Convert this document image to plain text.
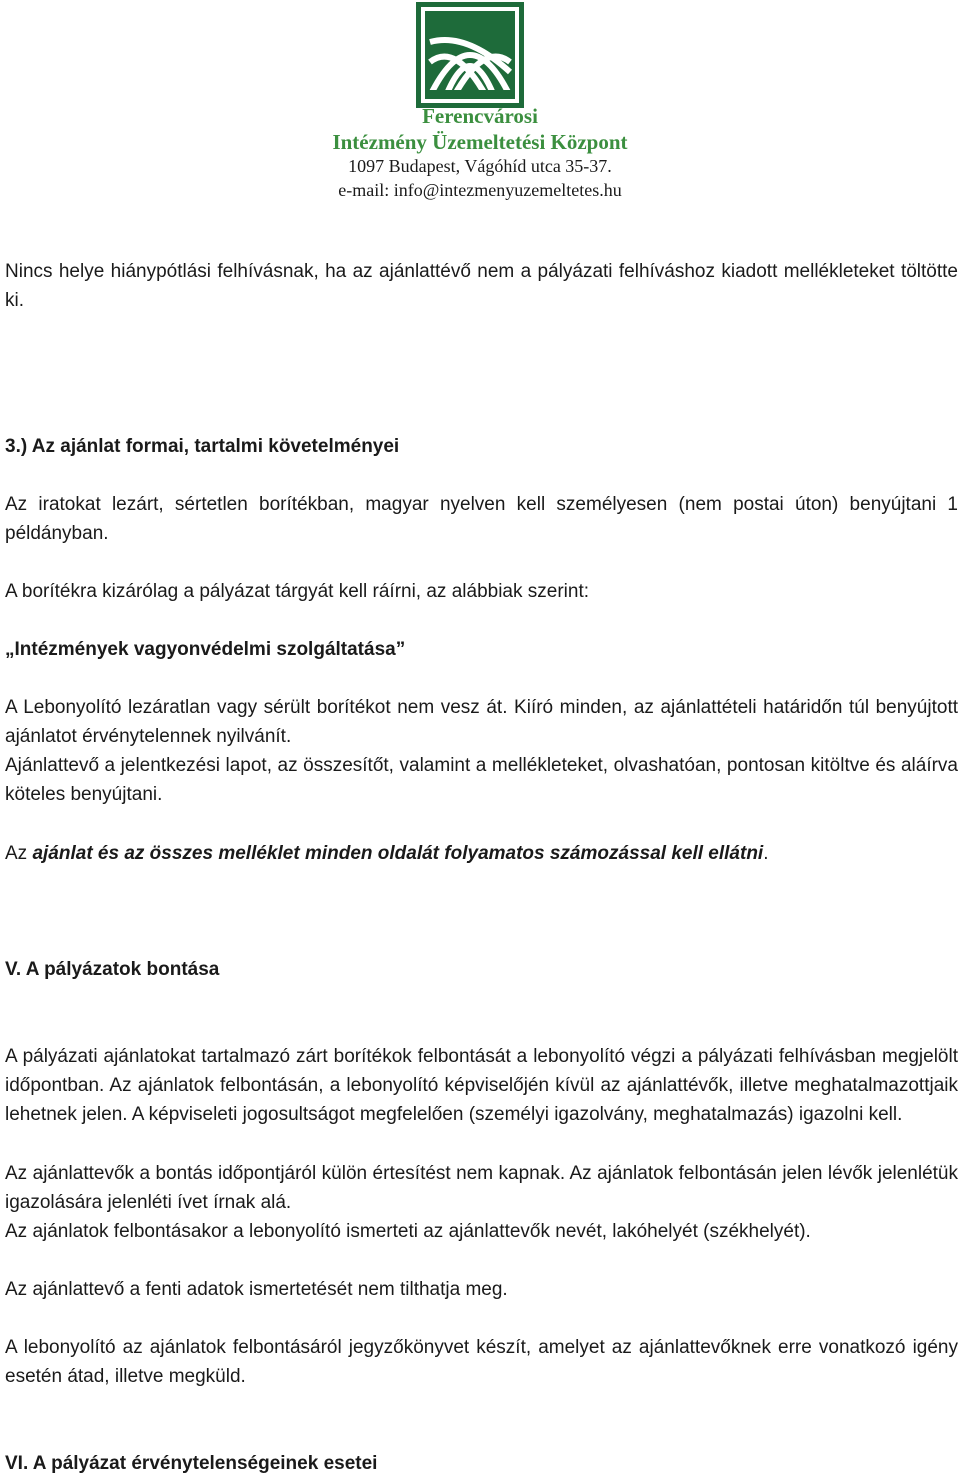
Ferencvárosi
Intézmény Üzemeltetési Központ
1097 Budapest, Vágóhíd utca 35-37.
e-mail: info@intezmenyuzemeltetes.hu

Nincs helye hiánypótlási felhívásnak, ha az ajánlattévő nem a pályázati felhíváshoz kiadott mellékleteket töltötte ki.

3.) Az ajánlat formai, tartalmi követelményei

Az iratokat lezárt, sértetlen borítékban, magyar nyelven kell személyesen (nem postai úton) benyújtani 1 példányban.

A borítékra kizárólag a pályázat tárgyát kell ráírni, az alábbiak szerint:

„Intézmények vagyonvédelmi szolgáltatása”

A Lebonyolító lezáratlan vagy sérült borítékot nem vesz át. Kiíró minden, az ajánlattételi határidőn túl benyújtott ajánlatot érvénytelennek nyilvánít.

Ajánlattevő a jelentkezési lapot, az összesítőt, valamint a mellékleteket, olvashatóan, pontosan kitöltve és aláírva köteles benyújtani.

Az ajánlat és az összes melléklet minden oldalát folyamatos számozással kell ellátni.

V. A pályázatok bontása

A pályázati ajánlatokat tartalmazó zárt borítékok felbontását a lebonyolító végzi a pályázati felhívásban megjelölt időpontban. Az ajánlatok felbontásán, a lebonyolító képviselőjén kívül az ajánlattévők, illetve meghatalmazottjaik lehetnek jelen. A képviseleti jogosultságot megfelelően (személyi igazolvány, meghatalmazás) igazolni kell.

Az ajánlattevők a bontás időpontjáról külön értesítést nem kapnak. Az ajánlatok felbontásán jelen lévők jelenlétük igazolására jelenléti ívet írnak alá.

Az ajánlatok felbontásakor a lebonyolító ismerteti az ajánlattevők nevét, lakóhelyét (székhelyét).

Az ajánlattevő a fenti adatok ismertetését nem tilthatja meg.

A lebonyolító az ajánlatok felbontásáról jegyzőkönyvet készít, amelyet az ajánlattevőknek erre vonatkozó igény esetén átad, illetve megküld.

VI. A pályázat érvénytelenségeinek esetei
